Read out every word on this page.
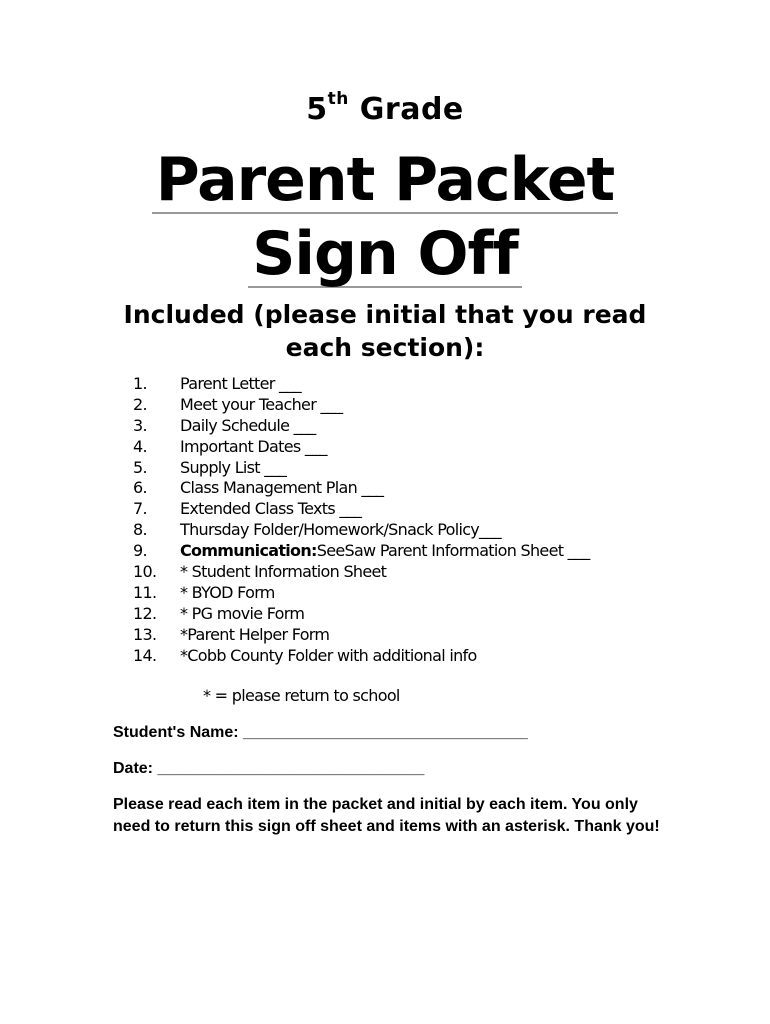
5th Grade
Parent Packet
Sign Off
Included (please initial that you read each section):
1.	Parent Letter ___
2.	Meet your Teacher ___
3.	Daily Schedule ___
4.	Important Dates ___
5.	Supply List ___
6.	Class Management Plan ___
7.	Extended Class Texts ___
8.	Thursday Folder/Homework/Snack Policy___
9.	Communication: SeeSaw Parent Information Sheet ___
10.	* Student Information Sheet
11.	* BYOD Form
12.	* PG movie Form
13.	*Parent Helper Form
14.	*Cobb County Folder with additional info
* = please return to school
Student's Name: ________________________________
Date: ______________________________
Please read each item in the packet and initial by each item. You only need to return this sign off sheet and items with an asterisk. Thank you!
